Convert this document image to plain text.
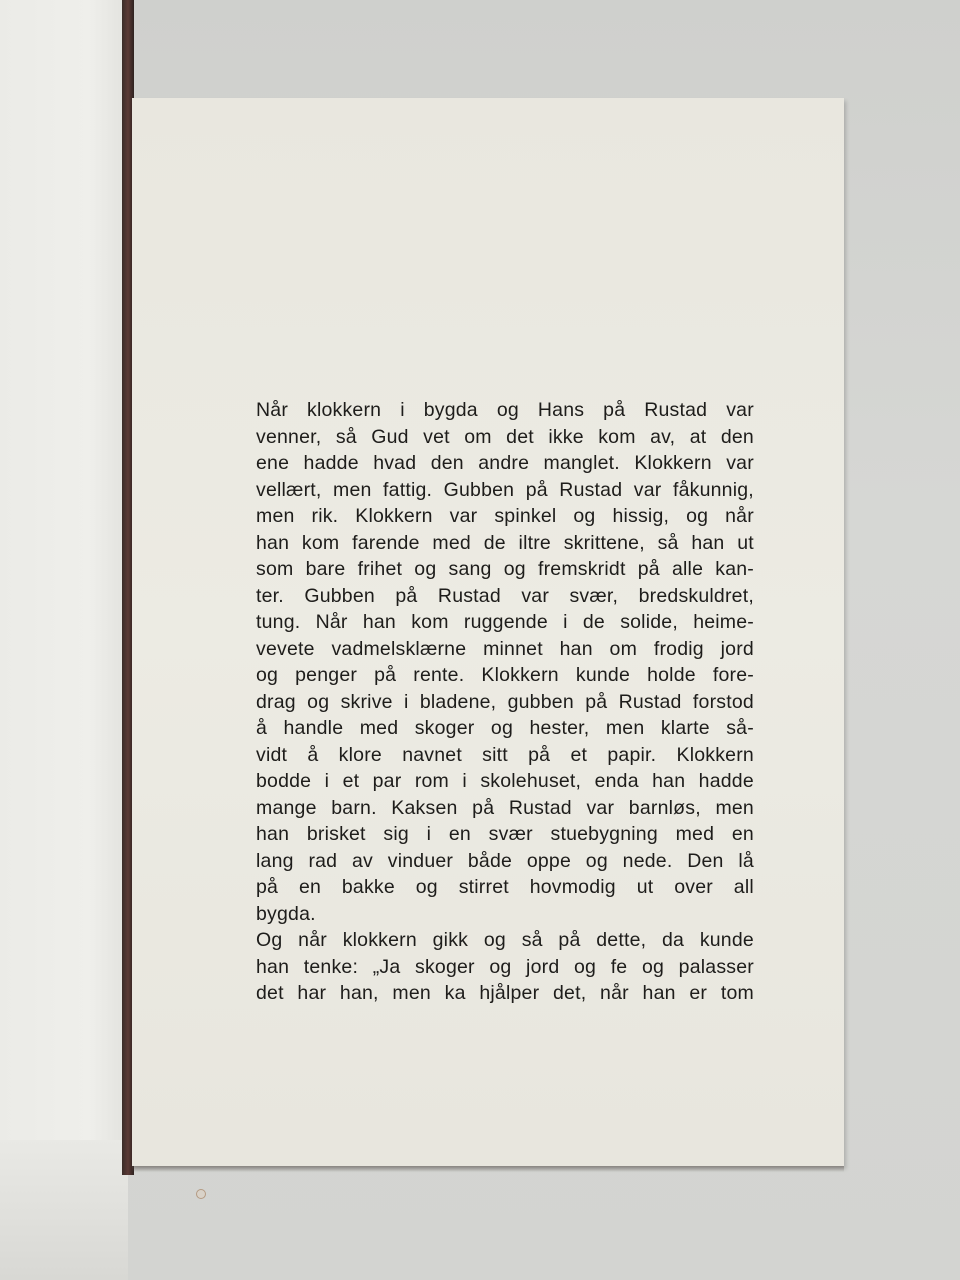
Når klokkern i bygda og Hans på Rustad var
venner, så Gud vet om det ikke kom av, at den
ene hadde hvad den andre manglet. Klokkern var
vellært, men fattig. Gubben på Rustad var fåkunnig,
men rik. Klokkern var spinkel og hissig, og når
han kom farende med de iltre skrittene, så han ut
som bare frihet og sang og fremskridt på alle kan-
ter. Gubben på Rustad var svær, bredskuldret,
tung. Når han kom ruggende i de solide, heime-
vevete vadmelsklærne minnet han om frodig jord
og penger på rente. Klokkern kunde holde fore-
drag og skrive i bladene, gubben på Rustad forstod
å handle med skoger og hester, men klarte så-
vidt å klore navnet sitt på et papir. Klokkern
bodde i et par rom i skolehuset, enda han hadde
mange barn. Kaksen på Rustad var barnløs, men
han brisket sig i en svær stuebygning med en
lang rad av vinduer både oppe og nede. Den lå
på en bakke og stirret hovmodig ut over all
bygda.
Og når klokkern gikk og så på dette, da kunde
han tenke: „Ja skoger og jord og fe og palasser
det har han, men ka hjålper det, når han er tom
